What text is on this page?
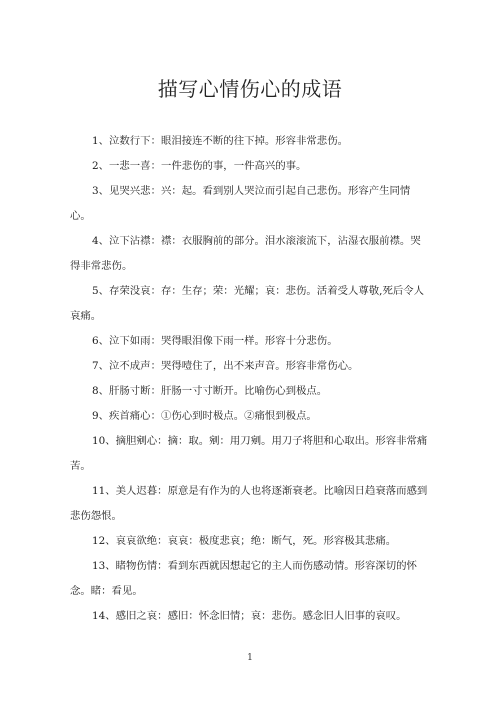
描写心情伤心的成语
1、泣数行下：眼泪接连不断的往下掉。形容非常悲伤。
2、一悲一喜：一件悲伤的事，一件高兴的事。
3、见哭兴悲：兴：起。看到别人哭泣而引起自己悲伤。形容产生同情心。
4、泣下沾襟：襟：衣服胸前的部分。泪水滚滚流下，沾湿衣服前襟。哭得非常悲伤。
5、存荣没哀：存：生存；荣：光耀；哀：悲伤。活着受人尊敬,死后令人哀痛。
6、泣下如雨：哭得眼泪像下雨一样。形容十分悲伤。
7、泣不成声：哭得噎住了，出不来声音。形容非常伤心。
8、肝肠寸断：肝肠一寸寸断开。比喻伤心到极点。
9、疾首痛心：①伤心到时极点。②痛恨到极点。
10、摘胆剜心：摘：取。剜：用刀剜。用刀子将胆和心取出。形容非常痛苦。
11、美人迟暮：原意是有作为的人也将逐渐衰老。比喻因日趋衰落而感到悲伤怨恨。
12、哀哀欲绝：哀哀：极度悲哀；绝：断气，死。形容极其悲痛。
13、睹物伤情：看到东西就因想起它的主人而伤感动情。形容深切的怀念。睹：看见。
14、感旧之哀：感旧：怀念旧情；哀：悲伤。感念旧人旧事的哀叹。
1
